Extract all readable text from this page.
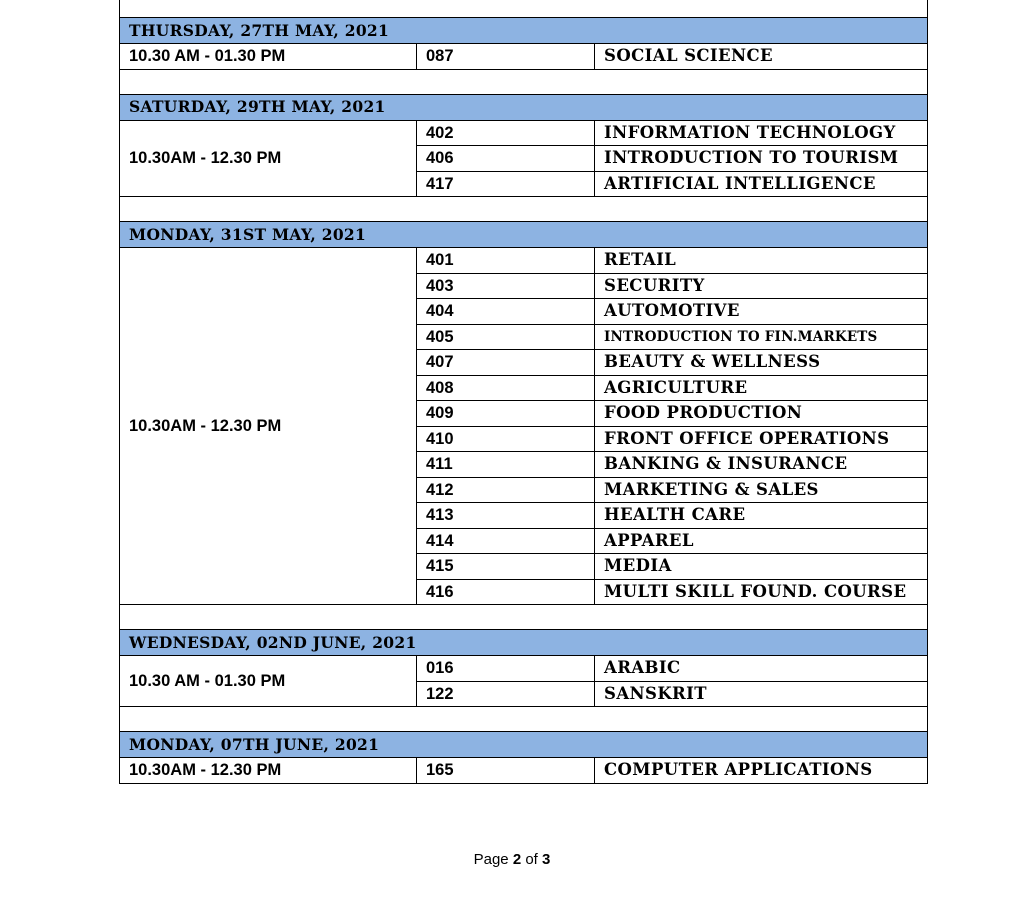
THURSDAY, 27TH MAY, 2021		
10.30 AM - 01.30 PM	087	SOCIAL SCIENCE

SATURDAY, 29TH MAY, 2021		
10.30AM - 12.30 PM	402	INFORMATION TECHNOLOGY
	406	INTRODUCTION TO TOURISM
	417	ARTIFICIAL INTELLIGENCE

MONDAY, 31ST MAY, 2021		
10.30AM - 12.30 PM	401	RETAIL
	403	SECURITY
	404	AUTOMOTIVE
	405	INTRODUCTION TO FIN.MARKETS
	407	BEAUTY & WELLNESS
	408	AGRICULTURE
	409	FOOD PRODUCTION
	410	FRONT OFFICE OPERATIONS
	411	BANKING & INSURANCE
	412	MARKETING & SALES
	413	HEALTH CARE
	414	APPAREL
	415	MEDIA
	416	MULTI SKILL FOUND. COURSE

WEDNESDAY, 02ND JUNE, 2021		
10.30 AM - 01.30 PM	016	ARABIC
	122	SANSKRIT

MONDAY, 07TH JUNE, 2021		
10.30AM - 12.30 PM	165	COMPUTER APPLICATIONS
Page 2 of 3
